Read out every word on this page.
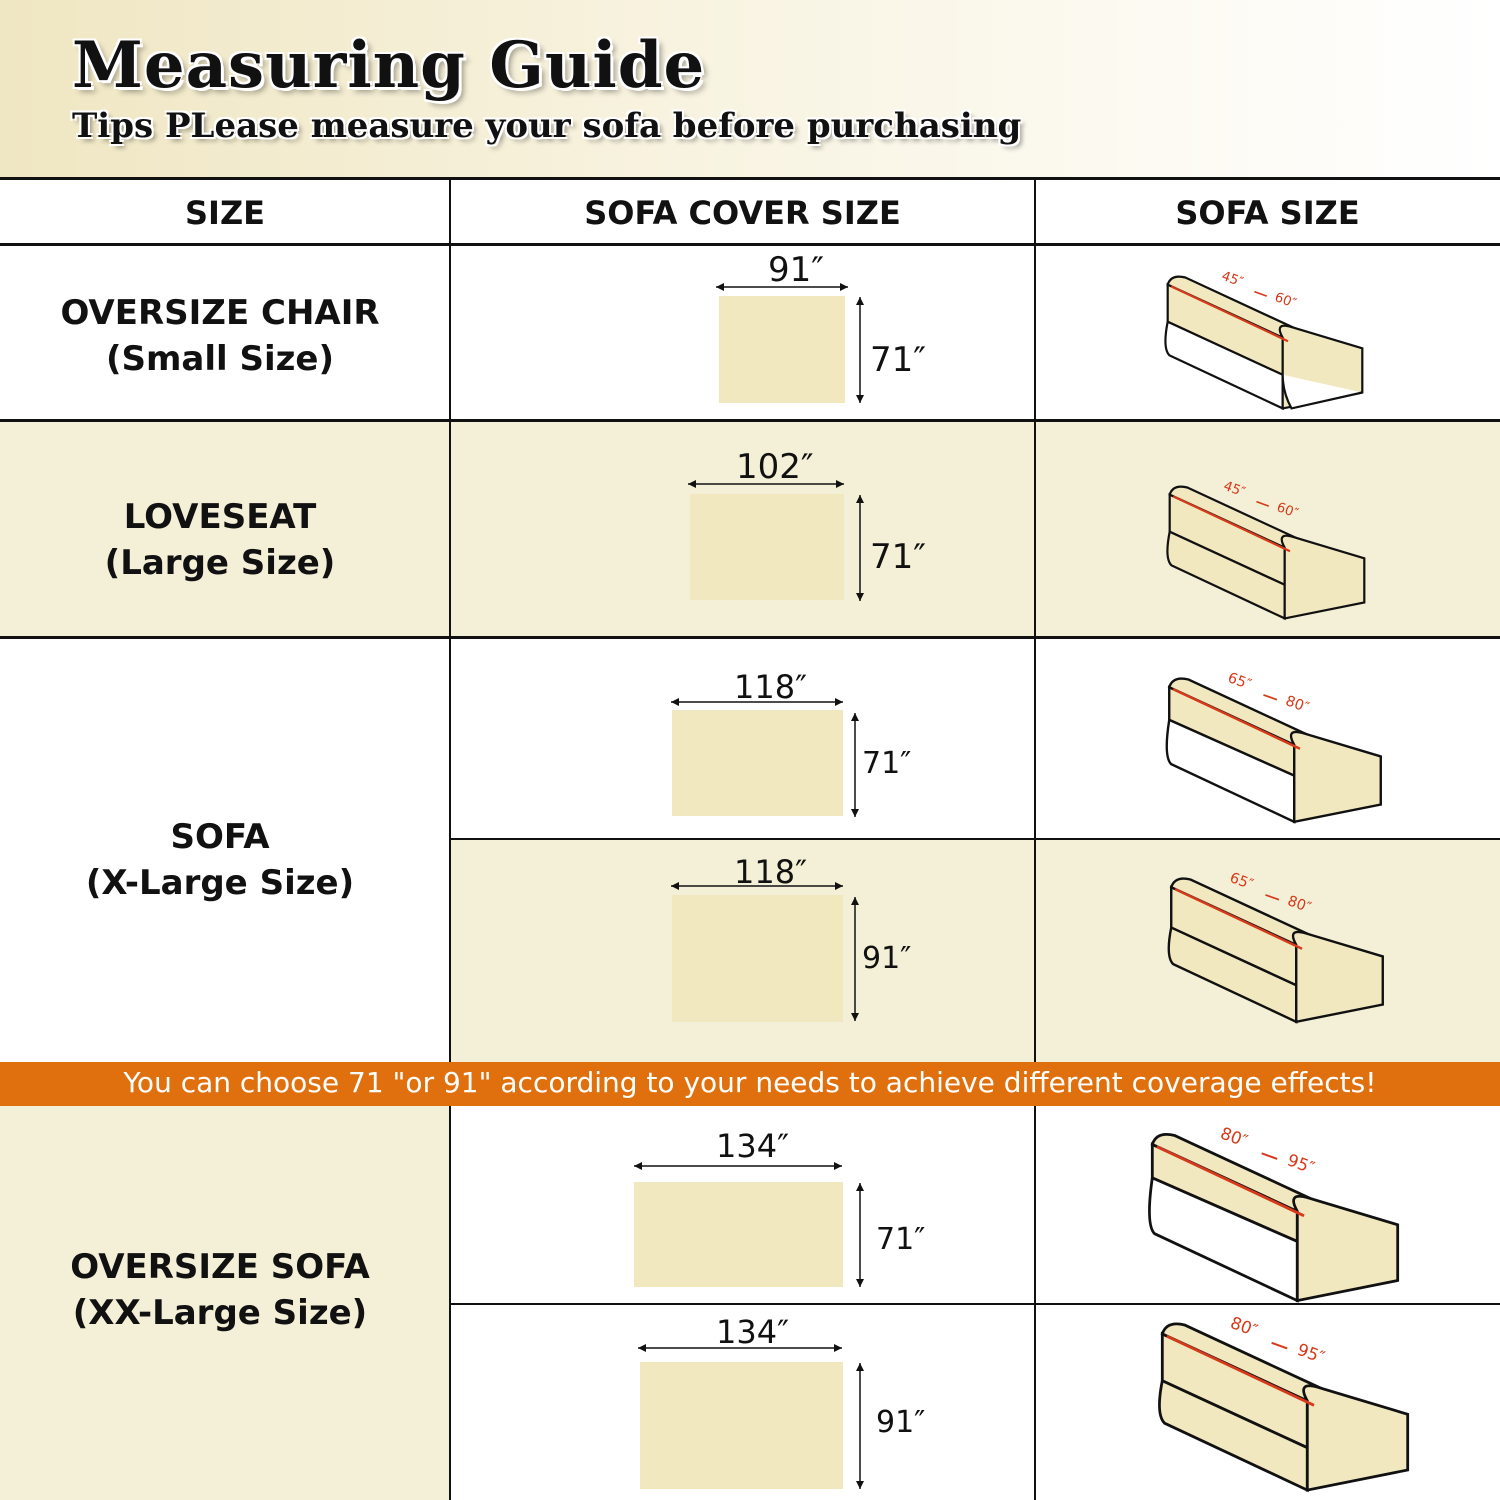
Measuring Guide
Tips PLease measure your sofa before purchasing
SIZE	SOFA COVER SIZE	SOFA SIZE
OVERSIZE CHAIR
(Small Size)
LOVESEAT
(Large Size)
SOFA
(X-Large Size)
OVERSIZE SOFA
(XX-Large Size)
91″
71″
102″
71″
118″
71″
118″
91″
134″
71″
134″
91″
You can choose 71 "or 91" according to your needs to achieve different coverage effects!
45″
60″
45″
60″
65″
80″
65″
80″
80″
95″
80″
95″
